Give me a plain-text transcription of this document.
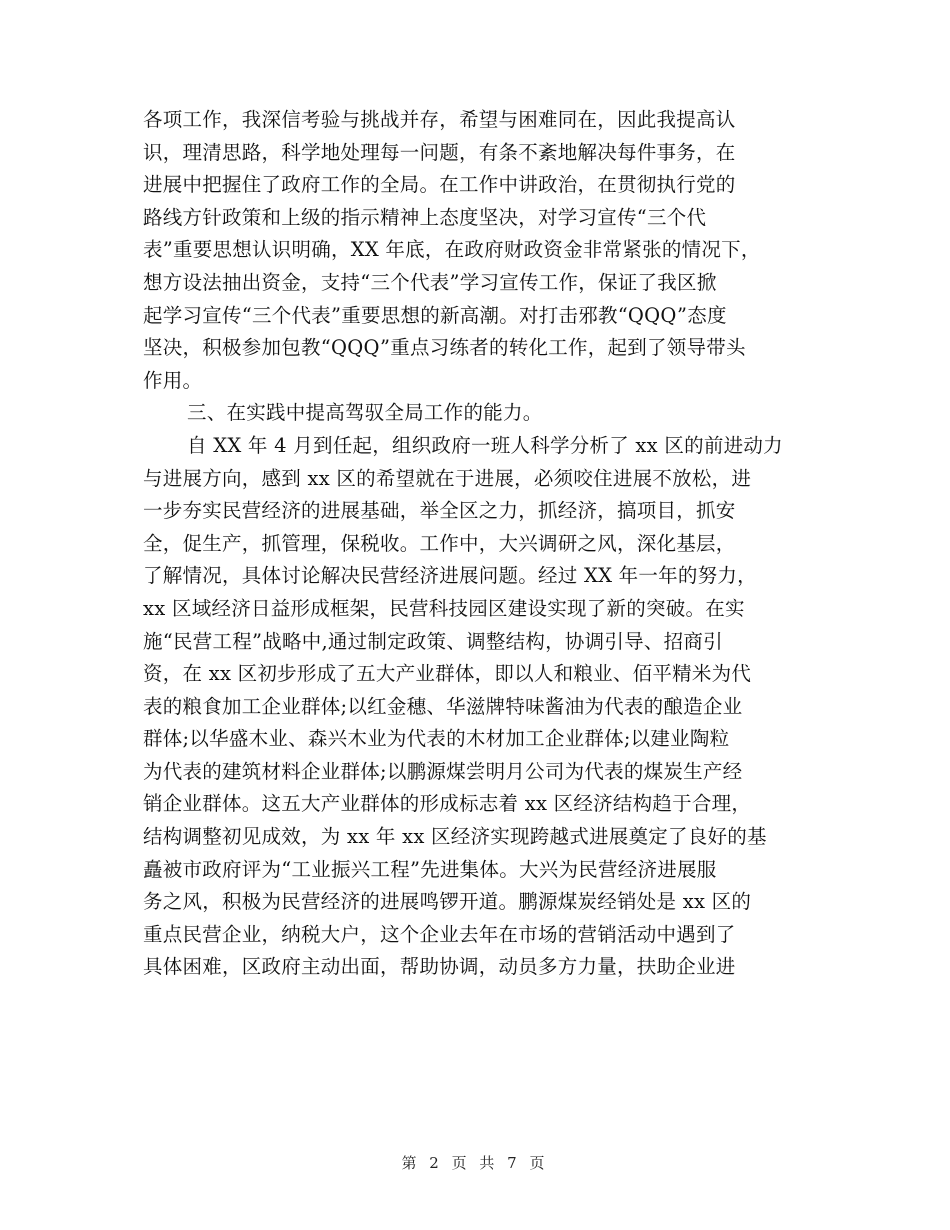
各项工作，我深信考验与挑战并存，希望与困难同在，因此我提高认
识，理清思路，科学地处理每一问题，有条不紊地解决每件事务，在
进展中把握住了政府工作的全局。在工作中讲政治，在贯彻执行党的
路线方针政策和上级的指示精神上态度坚决，对学习宣传“三个代
表”重要思想认识明确，XX 年底，在政府财政资金非常紧张的情况下，
想方设法抽出资金，支持“三个代表”学习宣传工作，保证了我区掀
起学习宣传“三个代表”重要思想的新高潮。对打击邪教“QQQ”态度
坚决，积极参加包教“QQQ”重点习练者的转化工作，起到了领导带头
作用。
三、在实践中提高驾驭全局工作的能力。
自 XX 年 4 月到任起，组织政府一班人科学分析了 xx 区的前进动力
与进展方向，感到 xx 区的希望就在于进展，必须咬住进展不放松，进
一步夯实民营经济的进展基础，举全区之力，抓经济，搞项目，抓安
全，促生产，抓管理，保税收。工作中，大兴调研之风，深化基层，
了解情况，具体讨论解决民营经济进展问题。经过 XX 年一年的努力，
xx 区域经济日益形成框架，民营科技园区建设实现了新的突破。在实
施“民营工程”战略中,通过制定政策、调整结构，协调引导、招商引
资，在 xx 区初步形成了五大产业群体，即以人和粮业、佰平精米为代
表的粮食加工企业群体;以红金穗、华滋牌特味酱油为代表的酿造企业
群体;以华盛木业、森兴木业为代表的木材加工企业群体;以建业陶粒
为代表的建筑材料企业群体;以鹏源煤尝明月公司为代表的煤炭生产经
销企业群体。这五大产业群体的形成标志着 xx 区经济结构趋于合理，
结构调整初见成效，为 xx 年 xx 区经济实现跨越式进展奠定了良好的基
矗被市政府评为“工业振兴工程”先进集体。大兴为民营经济进展服
务之风，积极为民营经济的进展鸣锣开道。鹏源煤炭经销处是 xx 区的
重点民营企业，纳税大户，这个企业去年在市场的营销活动中遇到了
具体困难，区政府主动出面，帮助协调，动员多方力量，扶助企业进
第 2 页 共 7 页
